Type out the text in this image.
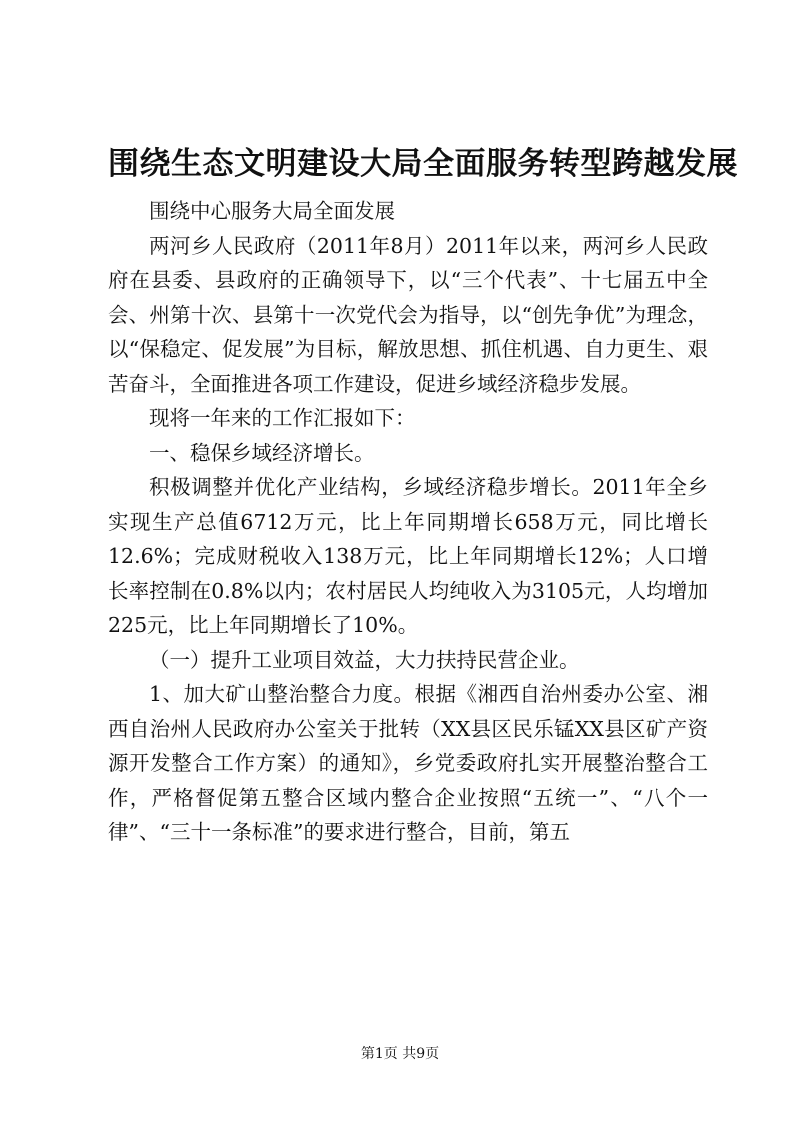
围绕生态文明建设大局全面服务转型跨越发展

围绕中心服务大局全面发展

两河乡人民政府（2011年8月）2011年以来，两河乡人民政府在县委、县政府的正确领导下，以“三个代表”、十七届五中全会、州第十次、县第十一次党代会为指导，以“创先争优”为理念，以“保稳定、促发展”为目标，解放思想、抓住机遇、自力更生、艰苦奋斗，全面推进各项工作建设，促进乡域经济稳步发展。

现将一年来的工作汇报如下：

一、稳保乡域经济增长。

积极调整并优化产业结构，乡域经济稳步增长。2011年全乡实现生产总值6712万元，比上年同期增长658万元，同比增长12.6%；完成财税收入138万元，比上年同期增长12%；人口增长率控制在0.8%以内；农村居民人均纯收入为3105元，人均增加225元，比上年同期增长了10%。

（一）提升工业项目效益，大力扶持民营企业。

1、加大矿山整治整合力度。根据《湘西自治州委办公室、湘西自治州人民政府办公室关于批转（XX县区民乐锰XX县区矿产资源开发整合工作方案）的通知》，乡党委政府扎实开展整治整合工作，严格督促第五整合区域内整合企业按照“五统一”、“八个一律”、“三十一条标准”的要求进行整合，目前，第五

第1页 共9页
